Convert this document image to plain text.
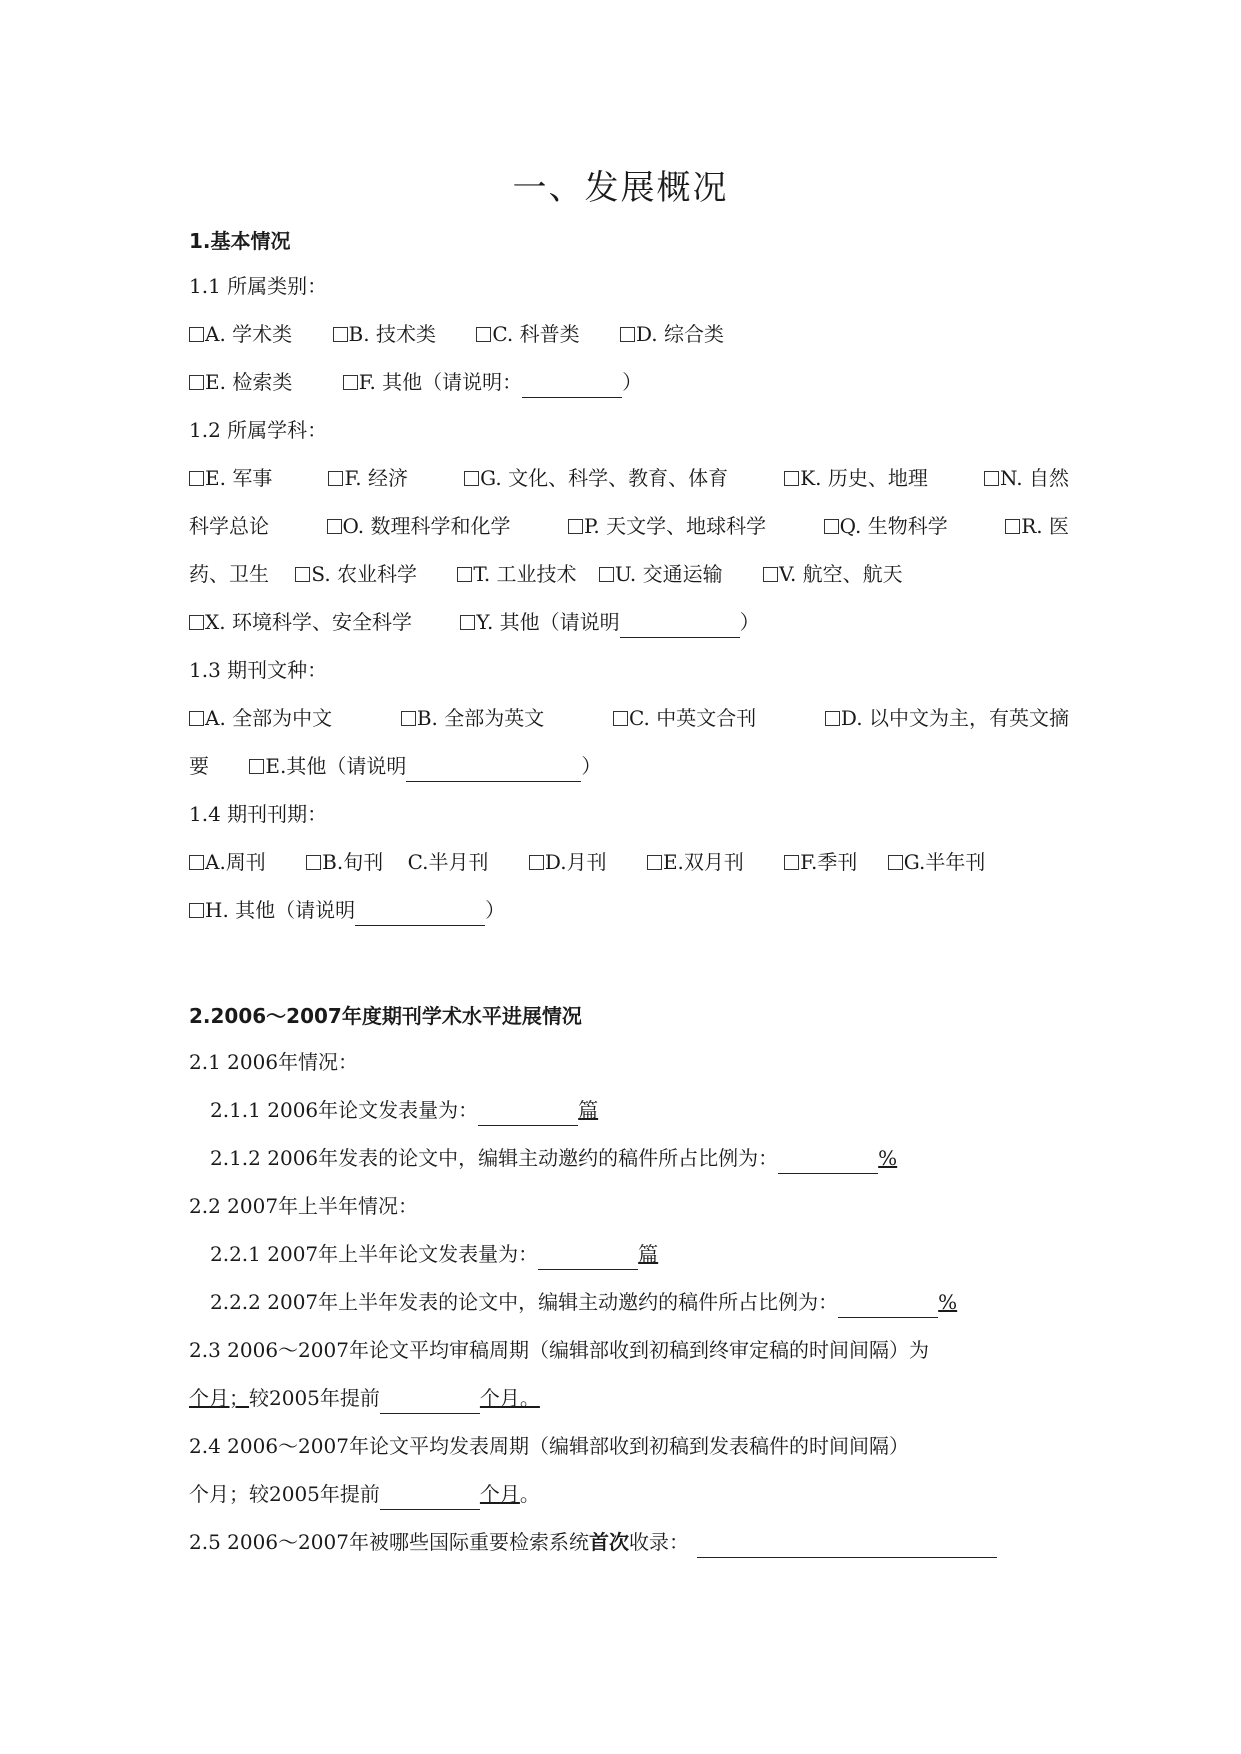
一、发展概况
1.基本情况
1.1 所属类别：
A. 学术类	B. 技术类	C. 科普类	D. 综合类
E. 检索类	F. 其他（请说明：	）
1.2 所属学科：
E. 军事	F. 经济	G. 文化、科学、教育、体育	K. 历史、地理	N. 自然
科学总论	O. 数理科学和化学	P. 天文学、地球科学	Q. 生物科学	R. 医
药、卫生 S. 农业科学	T. 工业技术 U. 交通运输	V. 航空、航天
X. 环境科学、安全科学	Y. 其他（请说明	）
1.3 期刊文种：
A. 全部为中文	B. 全部为英文	C. 中英文合刊	D. 以中文为主，有英文摘
要	E.其他（请说明	）
1.4 期刊刊期：
A.周刊	B.旬刊 C.半月刊	D.月刊	E.双月刊	F.季刊 G.半年刊
H. 其他（请说明	）
2.2006～2007年度期刊学术水平进展情况
2.1 2006年情况：
2.1.1 2006年论文发表量为：	篇
2.1.2 2006年发表的论文中，编辑主动邀约的稿件所占比例为：	%
2.2 2007年上半年情况：
2.2.1 2007年上半年论文发表量为：	篇
2.2.2 2007年上半年发表的论文中，编辑主动邀约的稿件所占比例为：	%
2.3 2006～2007年论文平均审稿周期（编辑部收到初稿到终审定稿的时间间隔）为
个月；较2005年提前	个月。
2.4 2006～2007年论文平均发表周期（编辑部收到初稿到发表稿件的时间间隔）
个月；较2005年提前	个月。
2.5 2006～2007年被哪些国际重要检索系统首次收录：
